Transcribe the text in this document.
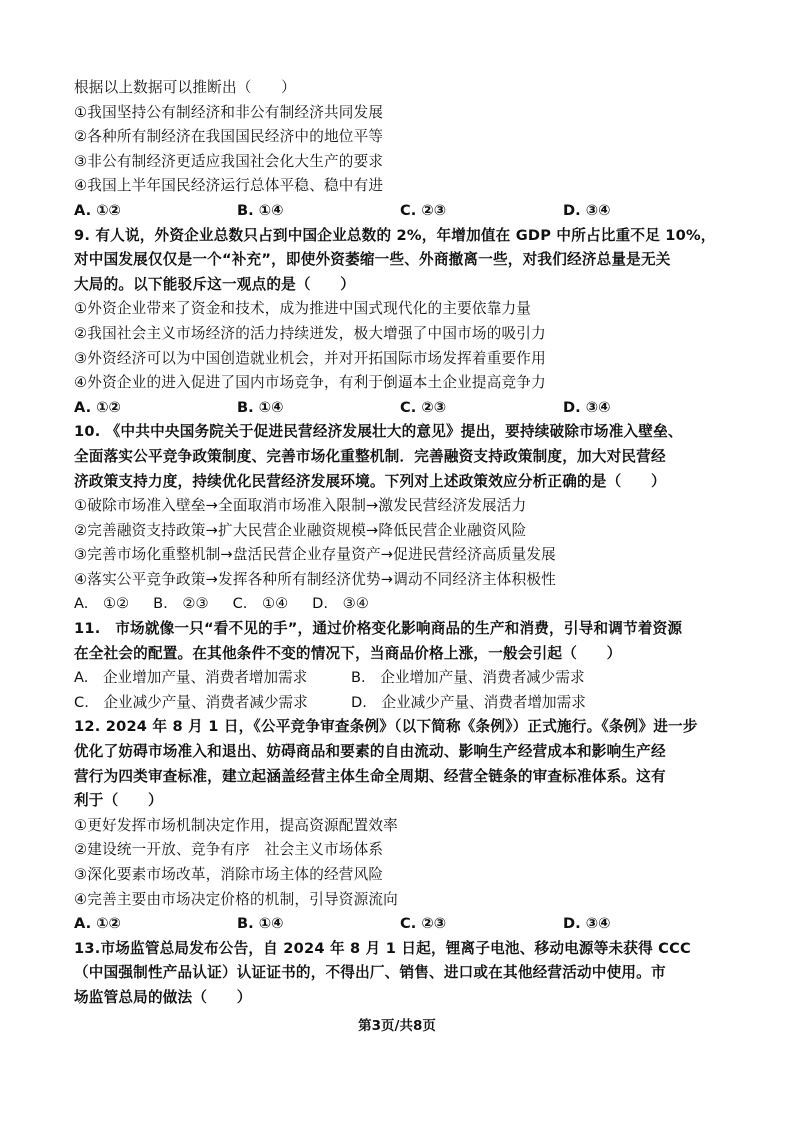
根据以上数据可以推断出（　　）
①我国坚持公有制经济和非公有制经济共同发展
②各种所有制经济在我国国民经济中的地位平等
③非公有制经济更适应我国社会化大生产的要求
④我国上半年国民经济运行总体平稳、稳中有进
A. ①②	B. ①④	C. ②③	D. ③④
9. 有人说，外资企业总数只占到中国企业总数的 2%，年增加值在 GDP 中所占比重不足 10%，
对中国发展仅仅是一个“补充”，即使外资萎缩一些、外商撤离一些，对我们经济总量是无关
大局的。以下能驳斥这一观点的是（　　）
①外资企业带来了资金和技术，成为推进中国式现代化的主要依靠力量
②我国社会主义市场经济的活力持续迸发，极大增强了中国市场的吸引力
③外资经济可以为中国创造就业机会，并对开拓国际市场发挥着重要作用
④外资企业的进入促进了国内市场竞争，有利于倒逼本土企业提高竞争力
A. ①②	B. ①④	C. ②③	D. ③④
10. 《中共中央国务院关于促进民营经济发展壮大的意见》提出，要持续破除市场准入壁垒、
全面落实公平竞争政策制度、完善市场化重整机制．完善融资支持政策制度，加大对民营经
济政策支持力度，持续优化民营经济发展环境。下列对上述政策效应分析正确的是（　　）
①破除市场准入壁垒→全面取消市场准入限制→激发民营经济发展活力
②完善融资支持政策→扩大民营企业融资规模→降低民营企业融资风险
③完善市场化重整机制→盘活民营企业存量资产→促进民营经济高质量发展
④落实公平竞争政策→发挥各种所有制经济优势→调动不同经济主体积极性
A.　①② B.　②③ C.　①④ D.　③④
11.　市场就像一只“看不见的手”，通过价格变化影响商品的生产和消费，引导和调节着资源
在全社会的配置。在其他条件不变的情况下，当商品价格上涨，一般会引起（　　）
A.　企业增加产量、消费者增加需求	B.　企业增加产量、消费者减少需求
C.　企业减少产量、消费者减少需求	D.　企业减少产量、消费者增加需求
12. 2024 年 8 月 1 日，《公平竞争审查条例》（以下简称《条例》）正式施行。《条例》进一步
优化了妨碍市场准入和退出、妨碍商品和要素的自由流动、影响生产经营成本和影响生产经
营行为四类审查标准，建立起涵盖经营主体生命全周期、经营全链条的审查标准体系。这有
利于（　　）
①更好发挥市场机制决定作用，提高资源配置效率
②建设统一开放、竞争有序　社会主义市场体系
③深化要素市场改革，消除市场主体的经营风险
④完善主要由市场决定价格的机制，引导资源流向
A. ①②	B. ①④	C. ②③	D. ③④
13.市场监管总局发布公告，自 2024 年 8 月 1 日起，锂离子电池、移动电源等未获得 CCC
（中国强制性产品认证）认证证书的，不得出厂、销售、进口或在其他经营活动中使用。市
场监管总局的做法（　　）
第3页/共8页
